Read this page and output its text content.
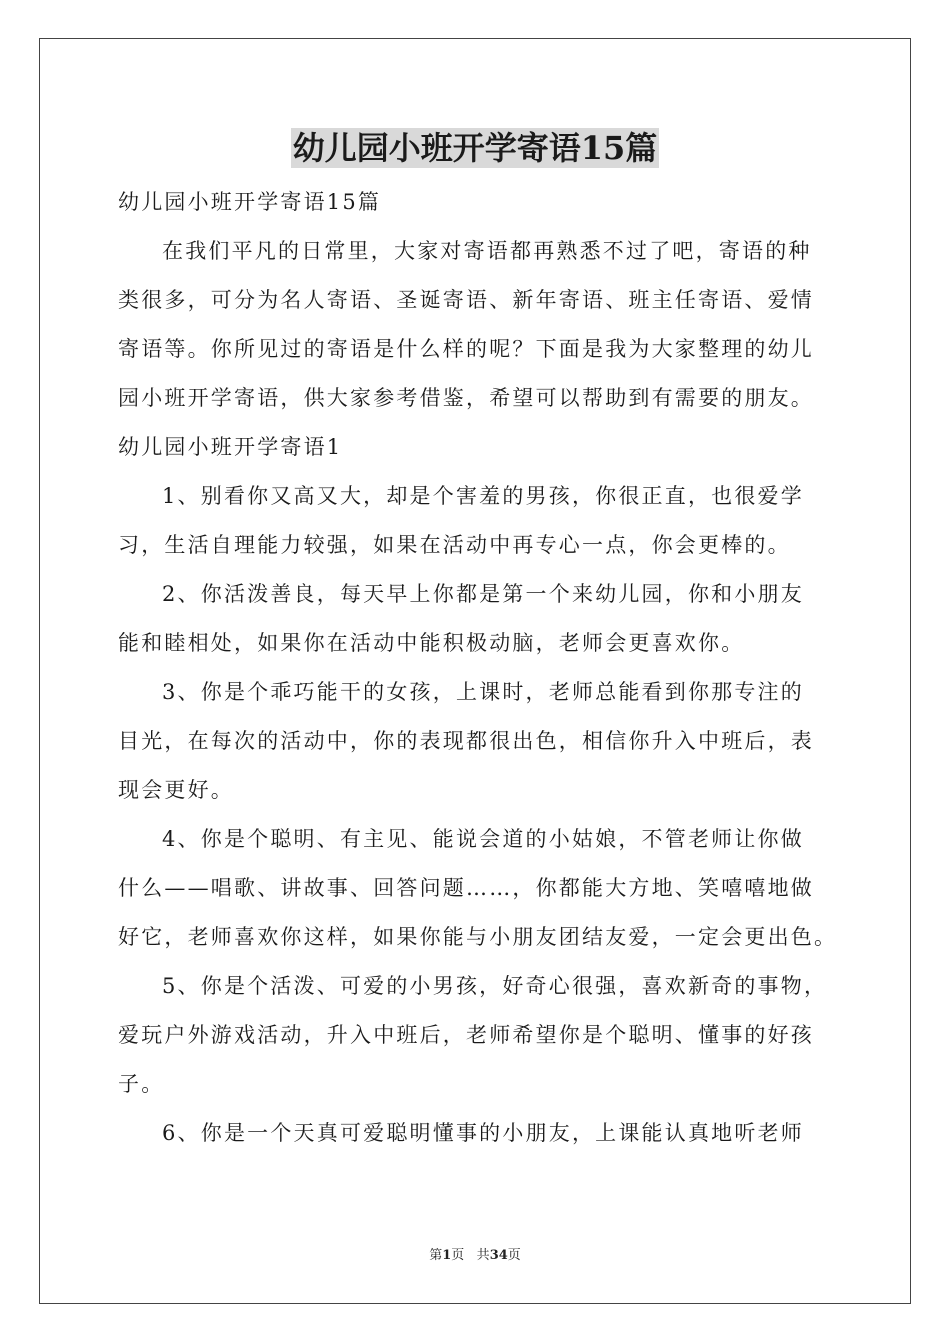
幼儿园小班开学寄语15篇
幼儿园小班开学寄语15篇
在我们平凡的日常里，大家对寄语都再熟悉不过了吧，寄语的种
类很多，可分为名人寄语、圣诞寄语、新年寄语、班主任寄语、爱情
寄语等。你所见过的寄语是什么样的呢？下面是我为大家整理的幼儿
园小班开学寄语，供大家参考借鉴，希望可以帮助到有需要的朋友。
幼儿园小班开学寄语1
1、别看你又高又大，却是个害羞的男孩，你很正直，也很爱学
习，生活自理能力较强，如果在活动中再专心一点，你会更棒的。
2、你活泼善良，每天早上你都是第一个来幼儿园，你和小朋友
能和睦相处，如果你在活动中能积极动脑，老师会更喜欢你。
3、你是个乖巧能干的女孩，上课时，老师总能看到你那专注的
目光，在每次的活动中，你的表现都很出色，相信你升入中班后，表
现会更好。
4、你是个聪明、有主见、能说会道的小姑娘，不管老师让你做
什么——唱歌、讲故事、回答问题……，你都能大方地、笑嘻嘻地做
好它，老师喜欢你这样，如果你能与小朋友团结友爱，一定会更出色。
5、你是个活泼、可爱的小男孩，好奇心很强，喜欢新奇的事物，
爱玩户外游戏活动，升入中班后，老师希望你是个聪明、懂事的好孩
子。
6、你是一个天真可爱聪明懂事的小朋友，上课能认真地听老师
第1页 共34页
